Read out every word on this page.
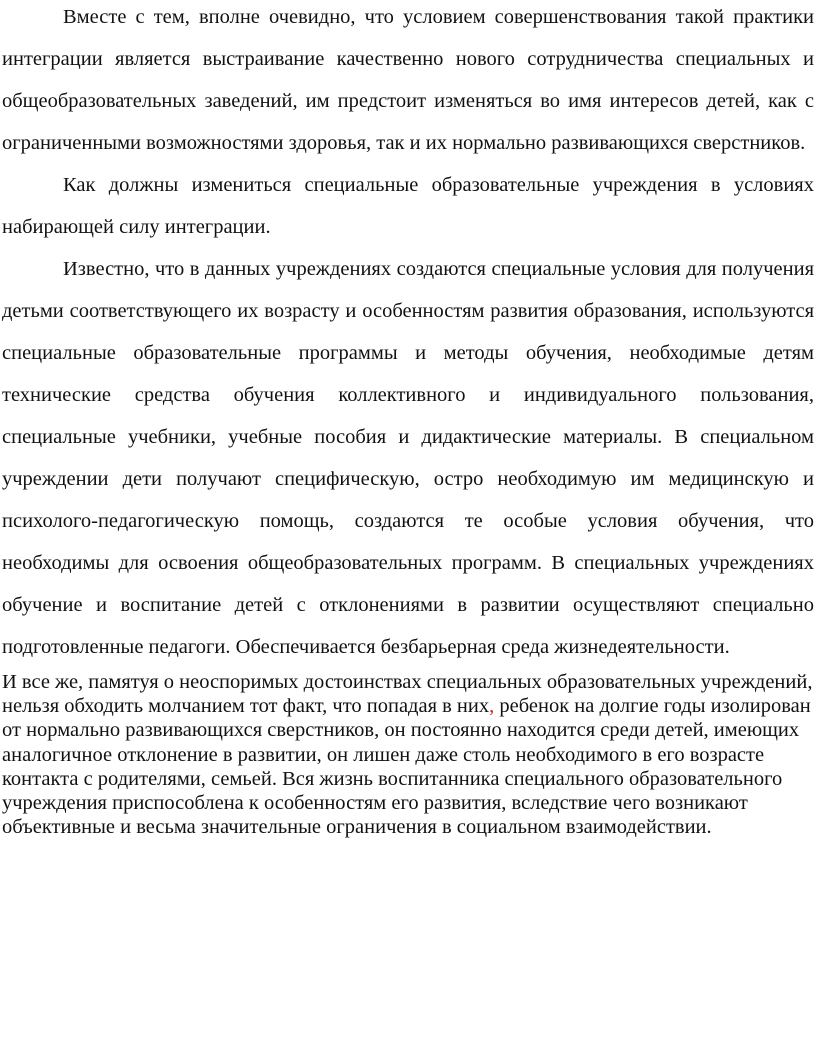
Вместе с тем, вполне очевидно, что условием совершенствования такой практики интеграции является выстраивание качественно нового сотрудничества специальных и общеобразовательных заведений, им предстоит изменяться во имя интересов детей, как с ограниченными возможностями здоровья, так и их нормально развивающихся сверстников.

Как должны измениться специальные образовательные учреждения в условиях набирающей силу интеграции.

Известно, что в данных учреждениях создаются специальные условия для получения детьми соответствующего их возрасту и особенностям развития образования, используются специальные образовательные программы и методы обучения, необходимые детям технические средства обучения коллективного и индивидуального пользования, специальные учебники, учебные пособия и дидактические материалы. В специальном учреждении дети получают специфическую, остро необходимую им медицинскую и психолого-педагогическую помощь, создаются те особые условия обучения, что необходимы для освоения общеобразовательных программ. В специальных учреждениях обучение и воспитание детей с отклонениями в развитии осуществляют специально подготовленные педагоги. Обеспечивается безбарьерная среда жизнедеятельности.

И все же, памятуя о неоспоримых достоинствах специальных образовательных учреждений, нельзя обходить молчанием тот факт, что попадая в них, ребенок на долгие годы изолирован от нормально развивающихся сверстников, он постоянно находится среди детей, имеющих аналогичное отклонение в развитии, он лишен даже столь необходимого в его возрасте контакта с родителями, семьей. Вся жизнь воспитанника специального образовательного учреждения приспособлена к особенностям его развития, вследствие чего возникают объективные и весьма значительные ограничения в социальном взаимодействии.
